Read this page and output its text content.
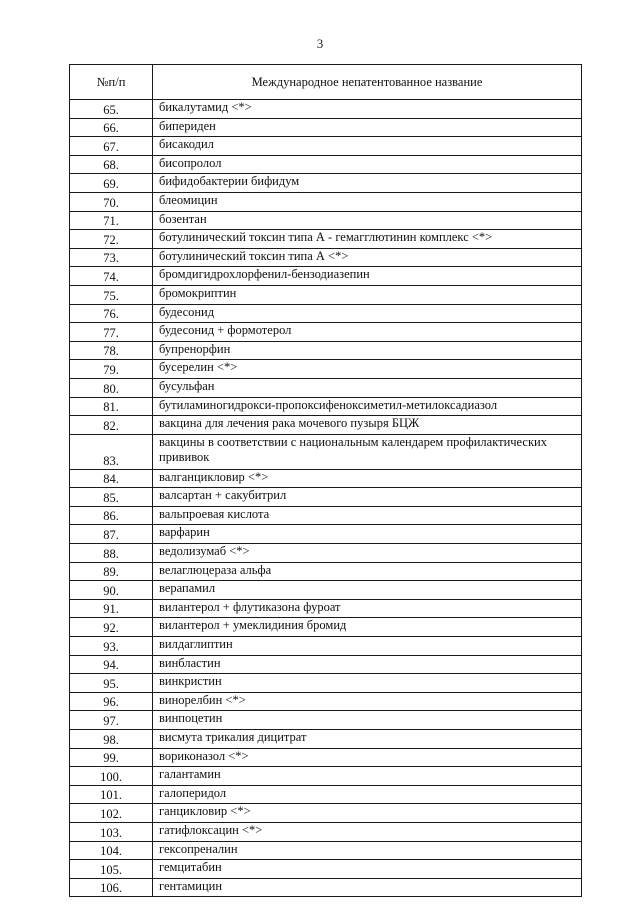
3
№п/п	Международное непатентованное название
65.	бикалутамид <*>
66.	бипериден
67.	бисакодил
68.	бисопролол
69.	бифидобактерии бифидум
70.	блеомицин
71.	бозентан
72.	ботулинический токсин типа А - гемагглютинин комплекс <*>
73.	ботулинический токсин типа А <*>
74.	бромдигидрохлорфенил-бензодиазепин
75.	бромокриптин
76.	будесонид
77.	будесонид + формотерол
78.	бупренорфин
79.	бусерелин <*>
80.	бусульфан
81.	бутиламиногидрокси-пропоксифеноксиметил-метилоксадиазол
82.	вакцина для лечения рака мочевого пузыря БЦЖ
83.	вакцины в соответствии с национальным календарем профилактических прививок
84.	валганцикловир <*>
85.	валсартан + сакубитрил
86.	вальпроевая кислота
87.	варфарин
88.	ведолизумаб <*>
89.	велаглюцераза альфа
90.	верапамил
91.	вилантерол + флутиказона фуроат
92.	вилантерол + умеклидиния бромид
93.	вилдаглиптин
94.	винбластин
95.	винкристин
96.	винорелбин <*>
97.	винпоцетин
98.	висмута трикалия дицитрат
99.	вориконазол <*>
100.	галантамин
101.	галоперидол
102.	ганцикловир <*>
103.	гатифлоксацин <*>
104.	гексопреналин
105.	гемцитабин
106.	гентамицин
